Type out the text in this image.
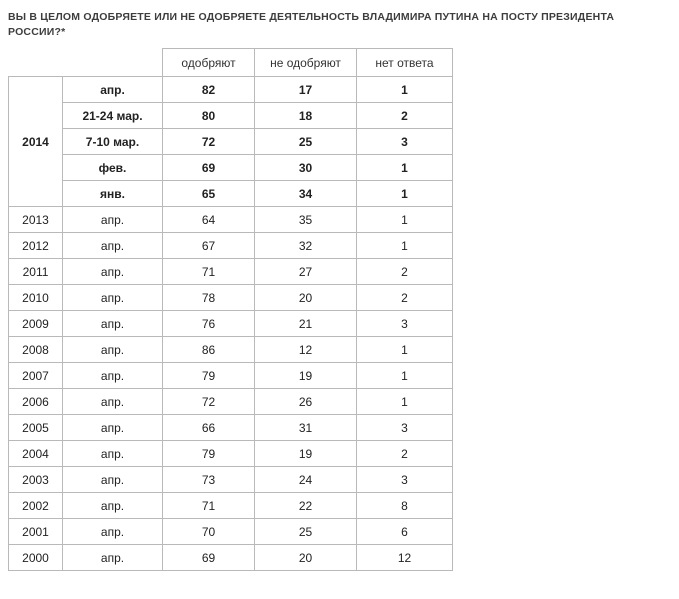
ВЫ В ЦЕЛОМ ОДОБРЯЕТЕ ИЛИ НЕ ОДОБРЯЕТЕ ДЕЯТЕЛЬНОСТЬ ВЛАДИМИРА ПУТИНА НА ПОСТУ ПРЕЗИДЕНТА РОССИИ?*
		одобряют	не одобряют	нет ответа
2014	апр.	82	17	1
	21-24 мар.	80	18	2
	7-10 мар.	72	25	3
	фев.	69	30	1
	янв.	65	34	1
2013	апр.	64	35	1
2012	апр.	67	32	1
2011	апр.	71	27	2
2010	апр.	78	20	2
2009	апр.	76	21	3
2008	апр.	86	12	1
2007	апр.	79	19	1
2006	апр.	72	26	1
2005	апр.	66	31	3
2004	апр.	79	19	2
2003	апр.	73	24	3
2002	апр.	71	22	8
2001	апр.	70	25	6
2000	апр.	69	20	12
